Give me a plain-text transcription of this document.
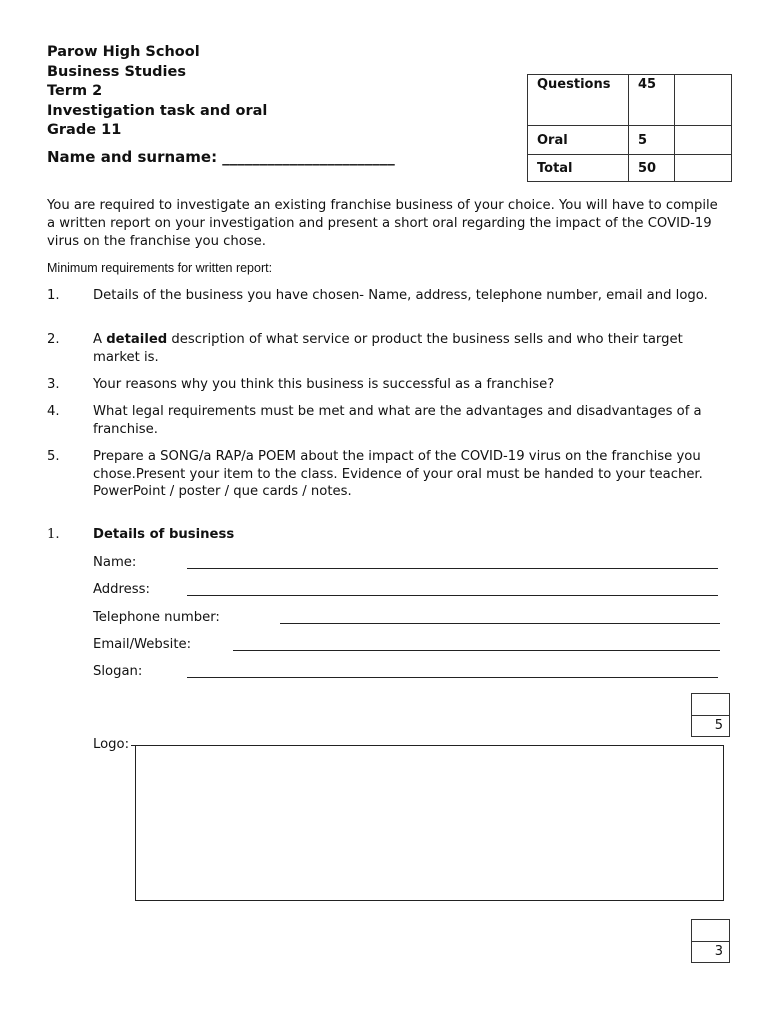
Parow High School
Business Studies
Term 2
Investigation task and oral
Grade 11
Name and surname: _______________________
Questions	45	
Oral	5	
Total	50	
You are required to investigate an existing franchise business of your choice. You will have to compile a written report on your investigation and present a short oral regarding the impact of the COVID-19 virus on the franchise you chose.
Minimum requirements for written report:
1.	Details of the business you have chosen- Name, address, telephone number, email and logo.
2.	A detailed description of what service or product the business sells and who their target market is.
3.	Your reasons why you think this business is successful as a franchise?
4.	What legal requirements must be met and what are the advantages and disadvantages of a franchise.
5.	Prepare a SONG/a RAP/a POEM about the impact of the COVID-19 virus on the franchise you chose.Present your item to the class. Evidence of your oral must be handed to your teacher. PowerPoint / poster / que cards / notes.
1.	Details of business
Name:
Address:
Telephone number:
Email/Website:
Slogan:
5
Logo:
3
